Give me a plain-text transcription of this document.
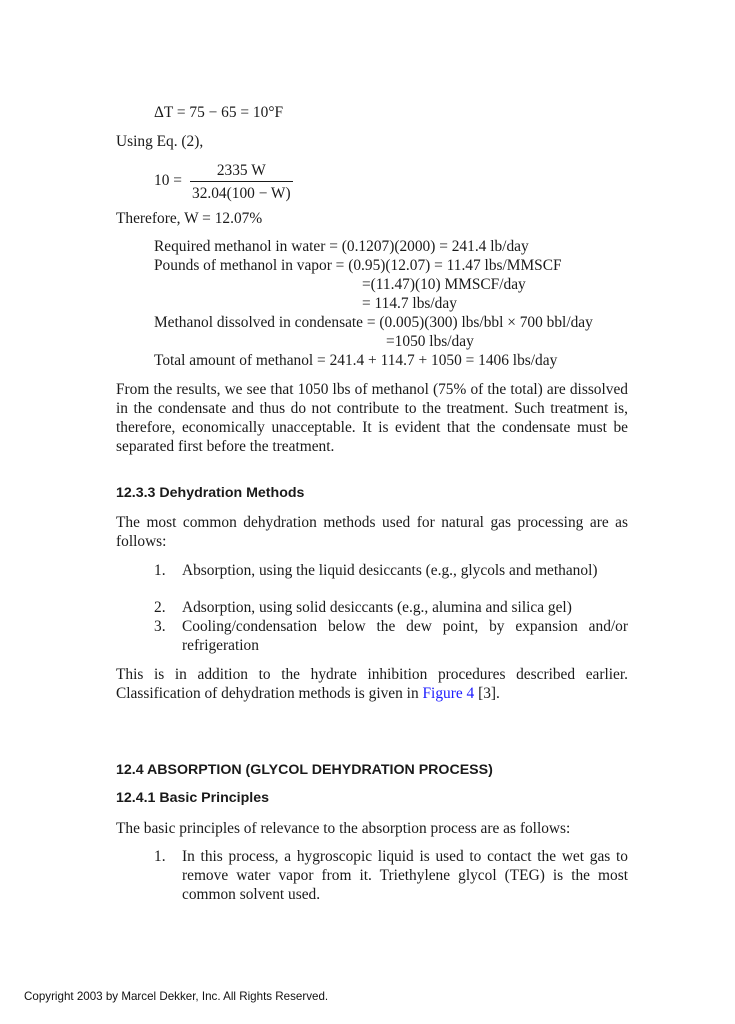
ΔT = 75 − 65 = 10°F
Using Eq. (2),
10 =
2335 W
32.04(100 − W)
Therefore, W = 12.07%
Required methanol in water = (0.1207)(2000) = 241.4 lb/day
Pounds of methanol in vapor = (0.95)(12.07) = 11.47 lbs/MMSCF
=(11.47)(10) MMSCF/day
= 114.7 lbs/day
Methanol dissolved in condensate = (0.005)(300) lbs/bbl × 700 bbl/day
=1050 lbs/day
Total amount of methanol = 241.4 + 114.7 + 1050 = 1406 lbs/day
From the results, we see that 1050 lbs of methanol (75% of the total) are dissolved in the condensate and thus do not contribute to the treatment. Such treatment is, therefore, economically unacceptable. It is evident that the condensate must be separated first before the treatment.
12.3.3 Dehydration Methods
The most common dehydration methods used for natural gas processing are as follows:
1.	Absorption, using the liquid desiccants (e.g., glycols and methanol)
2.	Adsorption, using solid desiccants (e.g., alumina and silica gel)
3.	Cooling/condensation below the dew point, by expansion and/or refrigeration
This is in addition to the hydrate inhibition procedures described earlier. Classification of dehydration methods is given in Figure 4 [3].
12.4 ABSORPTION (GLYCOL DEHYDRATION PROCESS)
12.4.1 Basic Principles
The basic principles of relevance to the absorption process are as follows:
1.	In this process, a hygroscopic liquid is used to contact the wet gas to remove water vapor from it. Triethylene glycol (TEG) is the most common solvent used.
Copyright 2003 by Marcel Dekker, Inc. All Rights Reserved.
